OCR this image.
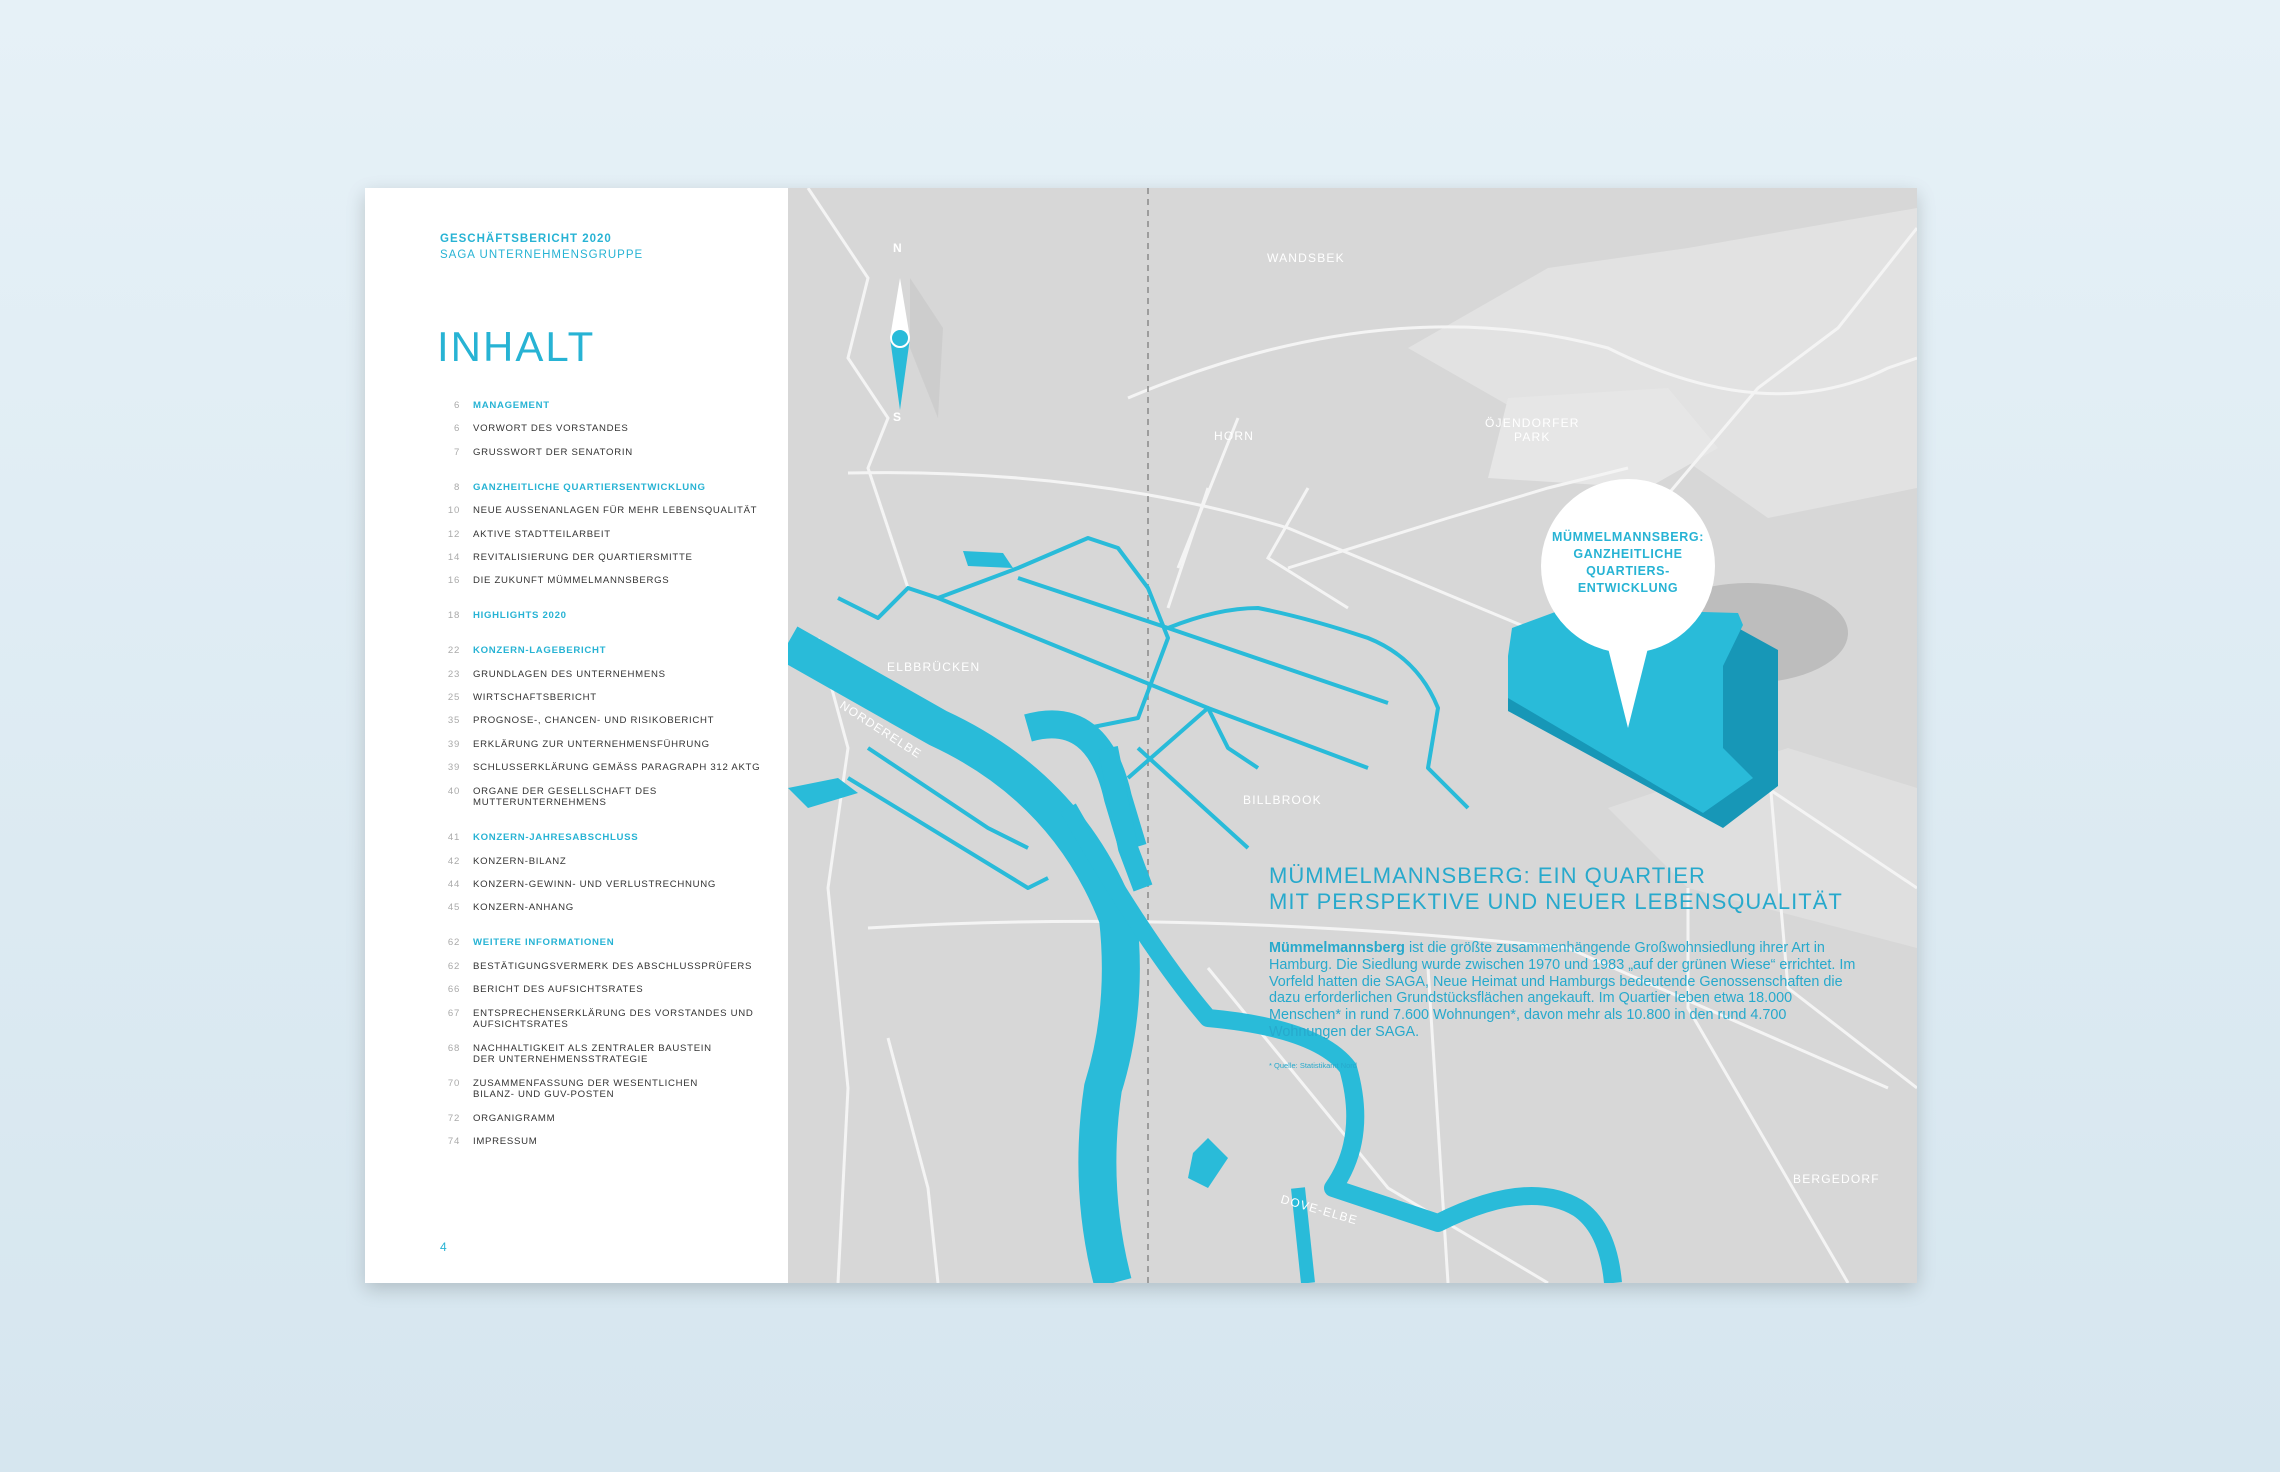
GESCHÄFTSBERICHT 2020
SAGA UNTERNEHMENSGRUPPE
INHALT
6 MANAGEMENT
6 VORWORT DES VORSTANDES
7 GRUSSWORT DER SENATORIN
8 GANZHEITLICHE QUARTIERSENTWICKLUNG
10 NEUE AUSSENANLAGEN FÜR MEHR LEBENSQUALITÄT
12 AKTIVE STADTTEILARBEIT
14 REVITALISIERUNG DER QUARTIERSMITTE
16 DIE ZUKUNFT MÜMMELMANNSBERGS
18 HIGHLIGHTS 2020
22 KONZERN-LAGEBERICHT
23 GRUNDLAGEN DES UNTERNEHMENS
25 WIRTSCHAFTSBERICHT
35 PROGNOSE-, CHANCEN- UND RISIKOBERICHT
39 ERKLÄRUNG ZUR UNTERNEHMENSFÜHRUNG
39 SCHLUSSERKLÄRUNG GEMÄSS PARAGRAPH 312 AKTG
40 ORGANE DER GESELLSCHAFT DES
MUTTERUNTERNEHMENS
41 KONZERN-JAHRESABSCHLUSS
42 KONZERN-BILANZ
44 KONZERN-GEWINN- UND VERLUSTRECHNUNG
45 KONZERN-ANHANG
62 WEITERE INFORMATIONEN
62 BESTÄTIGUNGSVERMERK DES ABSCHLUSSPRÜFERS
66 BERICHT DES AUFSICHTSRATES
67 ENTSPRECHENSERKLÄRUNG DES VORSTANDES UND
AUFSICHTSRATES
68 NACHHALTIGKEIT ALS ZENTRALER BAUSTEIN
DER UNTERNEHMENSSTRATEGIE
70 ZUSAMMENFASSUNG DER WESENTLICHEN
BILANZ- UND GUV-POSTEN
72 ORGANIGRAMM
74 IMPRESSUM
4
N
S
WANDSBEK
HORN
ÖJENDORFER
PARK
ELBBRÜCKEN
NORDERELBE
BILLBROOK
DOVE-ELBE
BERGEDORF
MÜMMELMANNSBERG:
GANZHEITLICHE
QUARTIERS-
ENTWICKLUNG
MÜMMELMANNSBERG: EIN QUARTIER
MIT PERSPEKTIVE UND NEUER LEBENSQUALITÄT
Mümmelmannsberg ist die größte zusammenhängende Großwohnsiedlung ihrer Art in Hamburg. Die Siedlung wurde zwischen 1970 und 1983 „auf der grünen Wiese“ errichtet. Im Vorfeld hatten die SAGA, Neue Heimat und Hamburgs bedeutende Genossenschaften die dazu erforderlichen Grundstücksflächen angekauft. Im Quartier leben etwa 18.000 Menschen* in rund 7.600 Wohnungen*, davon mehr als 10.800 in den rund 4.700 Wohnungen der SAGA.
* Quelle: Statistikamt Nord
